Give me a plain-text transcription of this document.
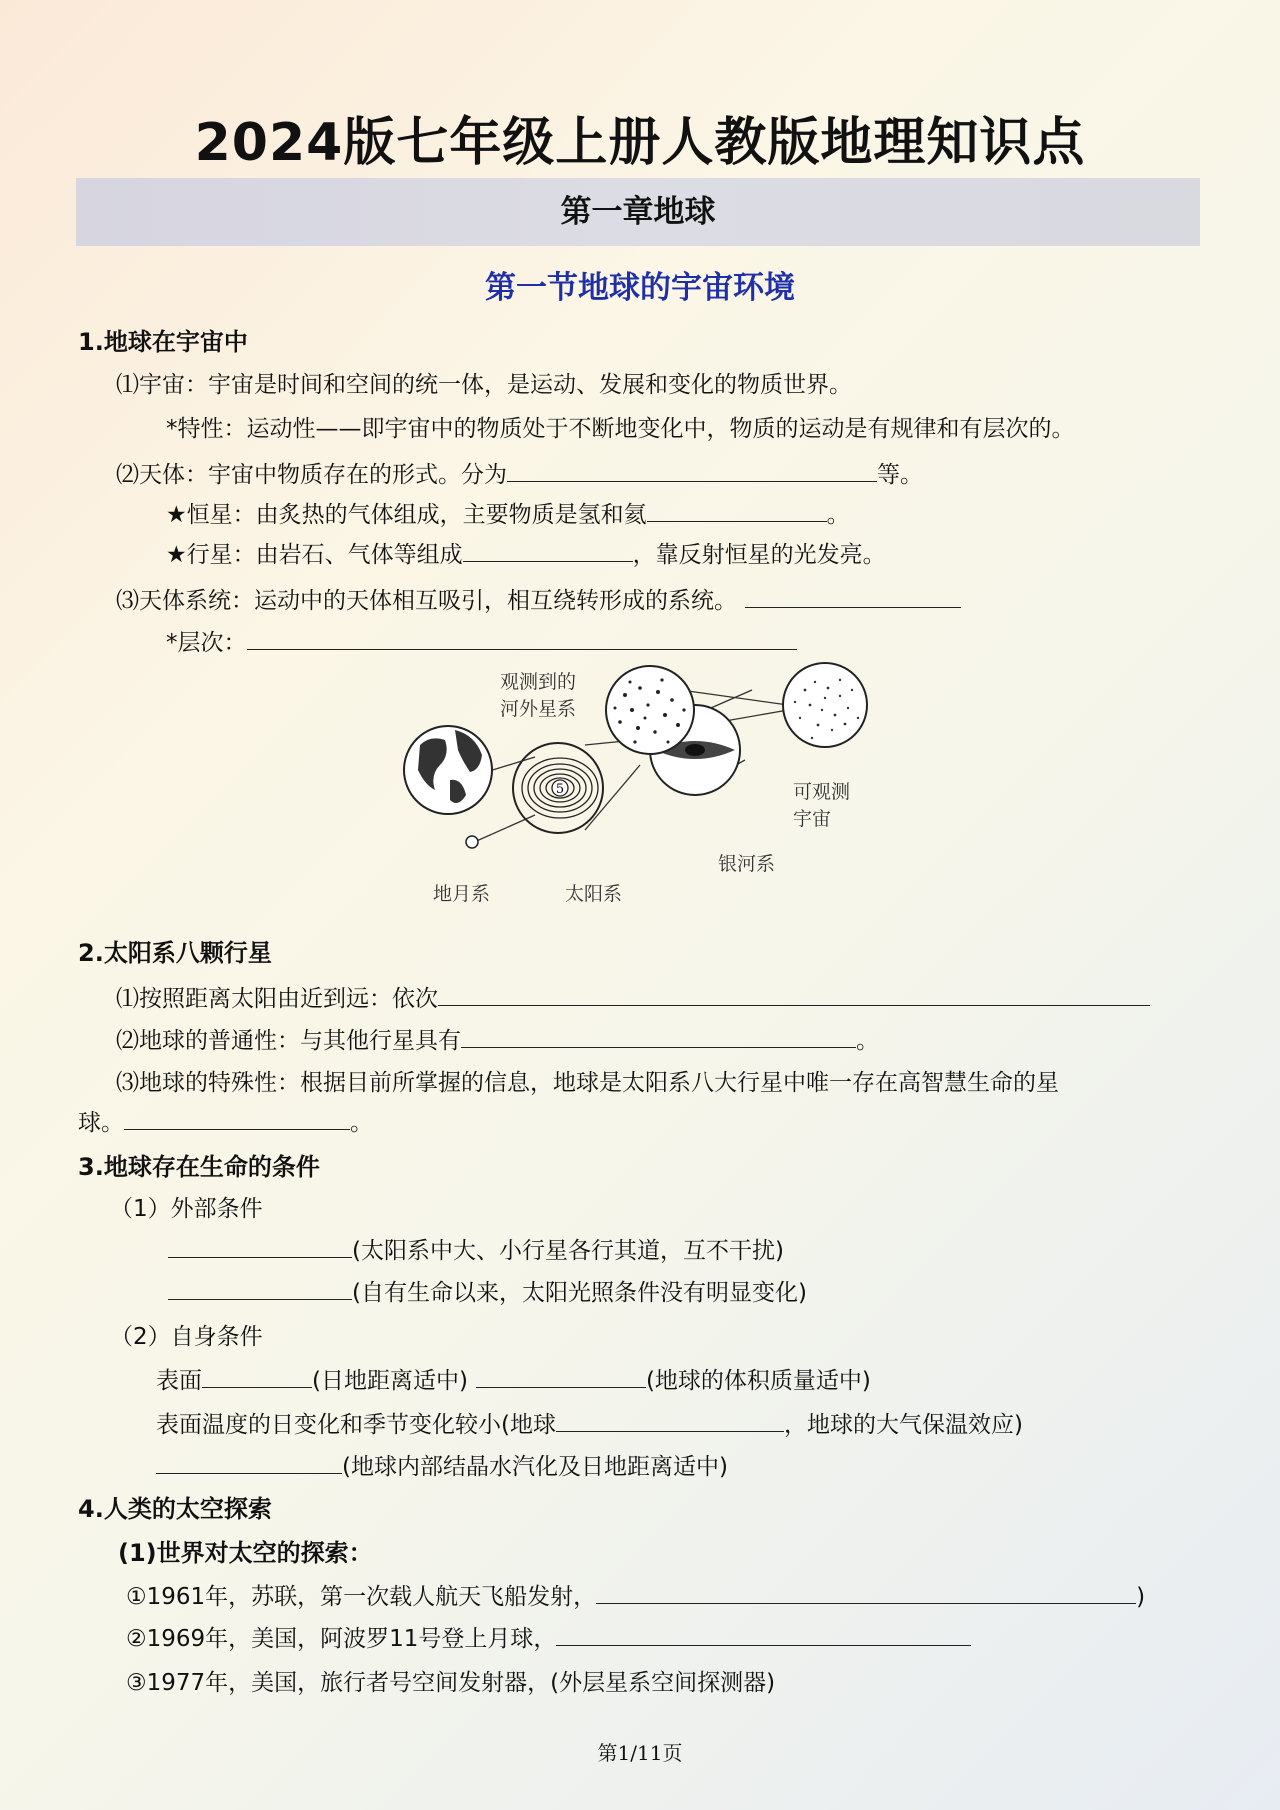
2024版七年级上册人教版地理知识点
第一章地球
第一节地球的宇宙环境
1.地球在宇宙中
⑴宇宙：宇宙是时间和空间的统一体，是运动、发展和变化的物质世界。
*特性：运动性——即宇宙中的物质处于不断地变化中，物质的运动是有规律和有层次的。
⑵天体：宇宙中物质存在的形式。分为	等。
★恒星：由炙热的气体组成，主要物质是氢和氦	。
★行星：由岩石、气体等组成	，靠反射恒星的光发亮。
⑶天体系统：运动中的天体相互吸引，相互绕转形成的系统。
*层次：
5
观测到的
河外星系
可观测
宇宙
银河系
地月系	太阳系
2.太阳系八颗行星
⑴按照距离太阳由近到远：依次
⑵地球的普通性：与其他行星具有	。
⑶地球的特殊性：根据目前所掌握的信息，地球是太阳系八大行星中唯一存在高智慧生命的星
球。	。
3.地球存在生命的条件
（1）外部条件
(太阳系中大、小行星各行其道，互不干扰)
(自有生命以来，太阳光照条件没有明显变化)
（2）自身条件
表面	(日地距离适中)	(地球的体积质量适中)
表面温度的日变化和季节变化较小(地球	，地球的大气保温效应)
(地球内部结晶水汽化及日地距离适中)
4.人类的太空探索
(1)世界对太空的探索：
①1961年，苏联，第一次载人航天飞船发射，	)
②1969年，美国，阿波罗11号登上月球，
③1977年，美国，旅行者号空间发射器，(外层星系空间探测器)
第1/11页
